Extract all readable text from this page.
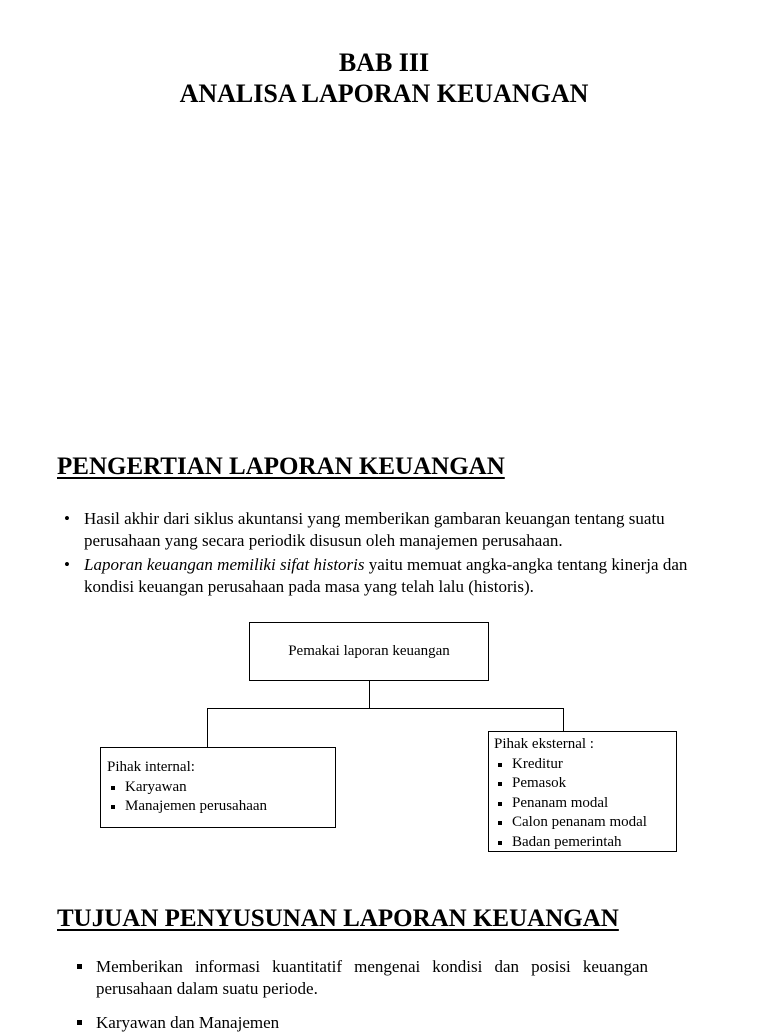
BAB III
ANALISA LAPORAN KEUANGAN
PENGERTIAN LAPORAN KEUANGAN
• Hasil akhir dari siklus akuntansi yang memberikan gambaran keuangan tentang suatu perusahaan yang secara periodik disusun oleh manajemen perusahaan.
• Laporan keuangan memiliki sifat historis yaitu memuat angka-angka tentang kinerja dan kondisi keuangan perusahaan pada masa yang telah lalu (historis).
Pemakai laporan keuangan
Pihak internal:
Karyawan
Manajemen perusahaan
Pihak eksternal :
Kreditur
Pemasok
Penanam modal
Calon penanam modal
Badan pemerintah
TUJUAN PENYUSUNAN LAPORAN KEUANGAN
Memberikan informasi kuantitatif mengenai kondisi dan posisi keuangan perusahaan dalam suatu periode.
Karyawan dan Manajemen
